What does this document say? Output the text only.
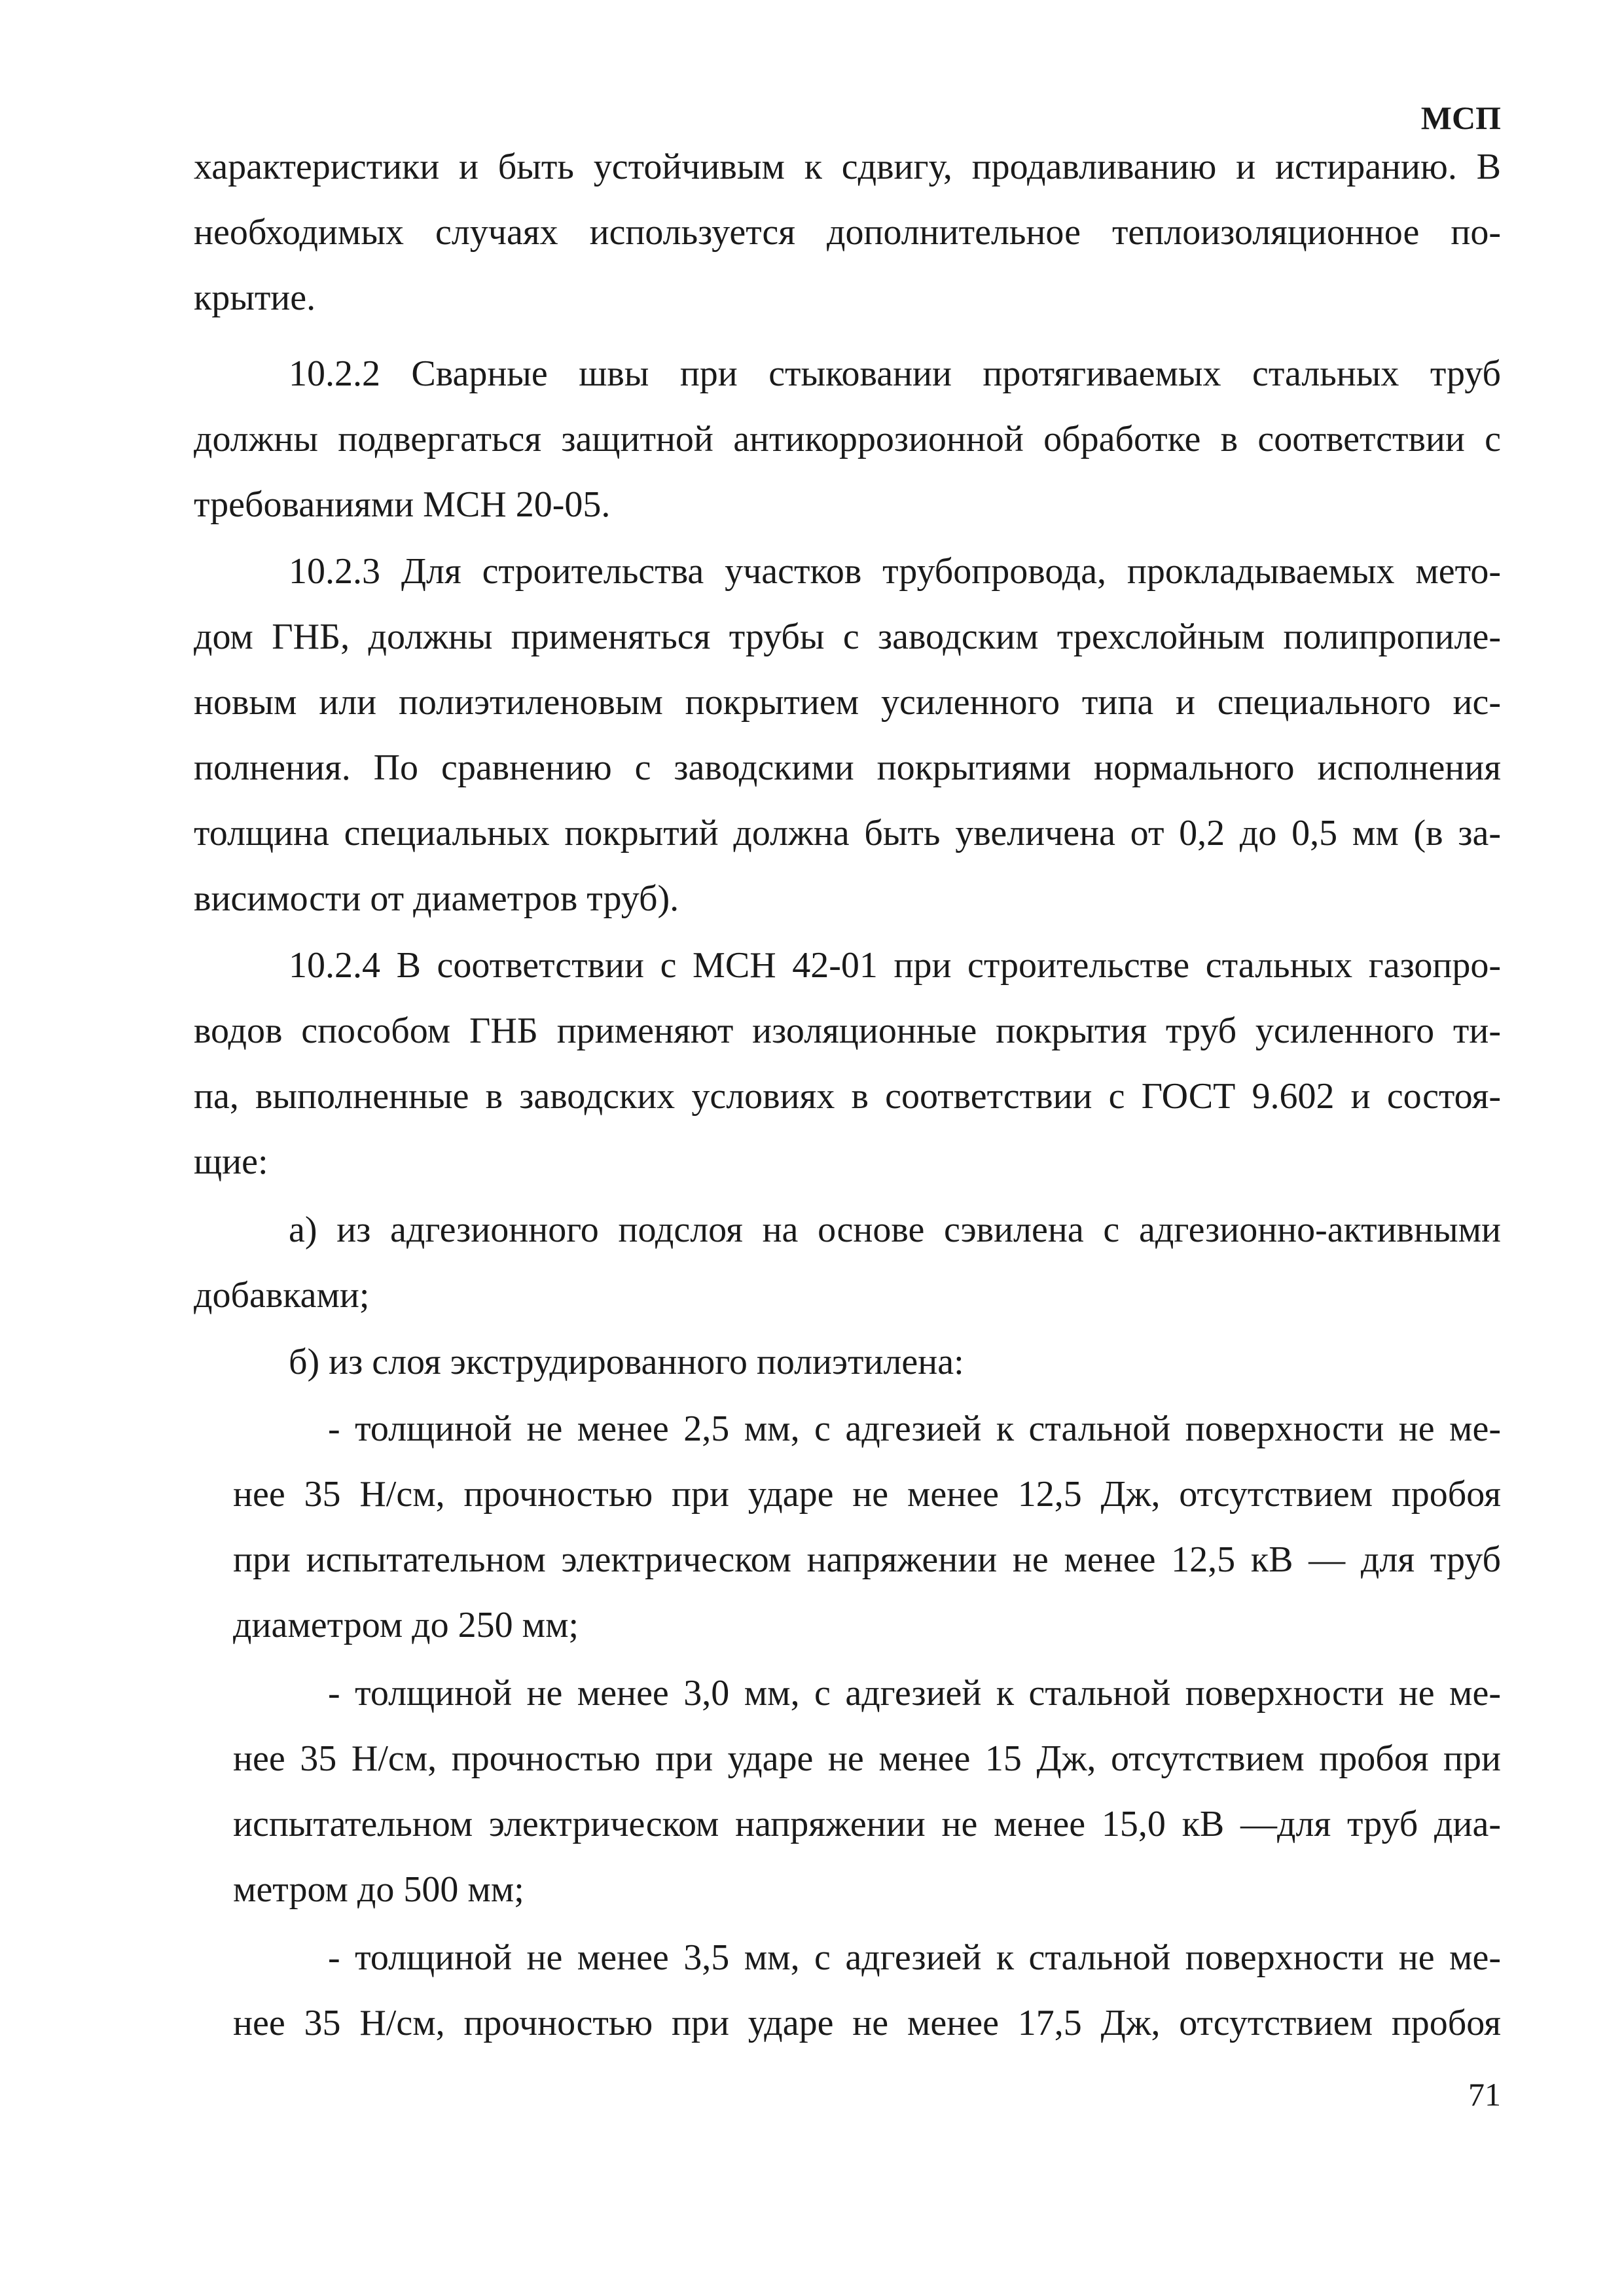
МСП
характеристики и быть устойчивым к сдвигу, продавливанию и истиранию. В
необходимых случаях используется дополнительное теплоизоляционное по-
крытие.
10.2.2 Сварные швы при стыковании протягиваемых стальных труб
должны подвергаться защитной антикоррозионной обработке в соответствии с
требованиями МСН 20-05.
10.2.3 Для строительства участков трубопровода, прокладываемых мето-
дом ГНБ, должны применяться трубы с заводским трехслойным полипропиле-
новым или полиэтиленовым покрытием усиленного типа и специального ис-
полнения. По сравнению с заводскими покрытиями нормального исполнения
толщина специальных покрытий должна быть увеличена от 0,2 до 0,5 мм (в за-
висимости от диаметров труб).
10.2.4 В соответствии с МСН 42-01 при строительстве стальных газопро-
водов способом ГНБ применяют изоляционные покрытия труб усиленного ти-
па, выполненные в заводских условиях в соответствии с ГОСТ 9.602 и состоя-
щие:
а) из адгезионного подслоя на основе сэвилена с адгезионно-активными
добавками;
б) из слоя экструдированного полиэтилена:
- толщиной не менее 2,5 мм, с адгезией к стальной поверхности не ме-
нее 35 Н/см, прочностью при ударе не менее 12,5 Дж, отсутствием пробоя
при испытательном электрическом напряжении не менее 12,5 кВ — для труб
диаметром до 250 мм;
- толщиной не менее 3,0 мм, с адгезией к стальной поверхности не ме-
нее 35 Н/см, прочностью при ударе не менее 15 Дж, отсутствием пробоя при
испытательном электрическом напряжении не менее 15,0 кВ —для труб диа-
метром до 500 мм;
- толщиной не менее 3,5 мм, с адгезией к стальной поверхности не ме-
нее 35 Н/см, прочностью при ударе не менее 17,5 Дж, отсутствием пробоя
71
